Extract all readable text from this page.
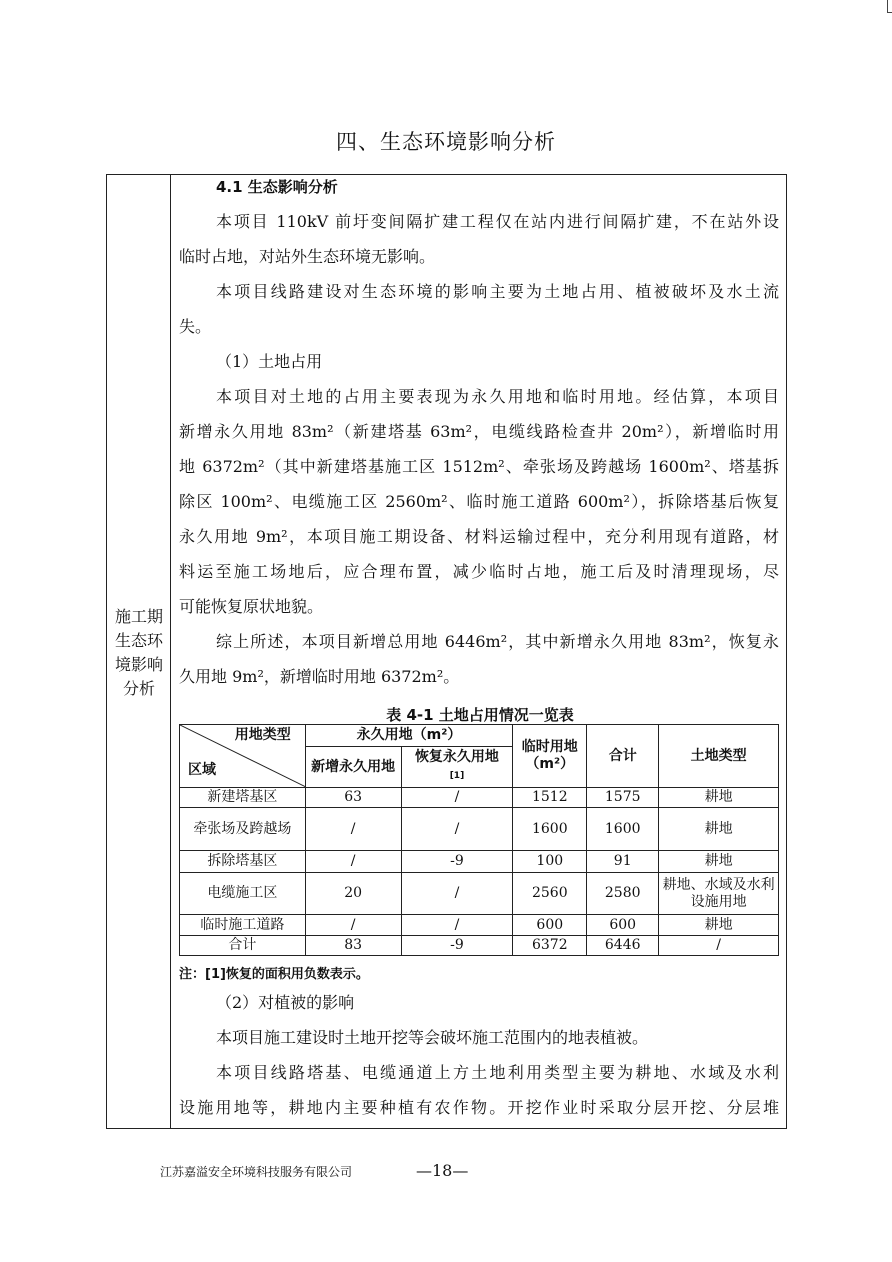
四、生态环境影响分析
施工期
生态环
境影响
分析
4.1 生态影响分析
本项目 110kV 前圩变间隔扩建工程仅在站内进行间隔扩建，不在站外设
临时占地，对站外生态环境无影响。
本项目线路建设对生态环境的影响主要为土地占用、植被破坏及水土流
失。
（1）土地占用
本项目对土地的占用主要表现为永久用地和临时用地。经估算，本项目
新增永久用地 83m²（新建塔基 63m²，电缆线路检查井 20m²），新增临时用
地 6372m²（其中新建塔基施工区 1512m²、牵张场及跨越场 1600m²、塔基拆
除区 100m²、电缆施工区 2560m²、临时施工道路 600m²），拆除塔基后恢复
永久用地 9m²，本项目施工期设备、材料运输过程中，充分利用现有道路，材
料运至施工场地后，应合理布置，减少临时占地，施工后及时清理现场，尽
可能恢复原状地貌。
综上所述，本项目新增总用地 6446m²，其中新增永久用地 83m²，恢复永
久用地 9m²，新增临时用地 6372m²。
表 4-1 土地占用情况一览表
用地类型
区域	永久用地（m²）		临时用地（m²）	合计	土地类型
	新增永久用地	恢复永久用地
[1]			
新建塔基区	63	/	1512	1575	耕地
牵张场及跨越场	/	/	1600	1600	耕地
拆除塔基区	/	-9	100	91	耕地
电缆施工区	20	/	2560	2580	耕地、水域及水利设施用地
临时施工道路	/	/	600	600	耕地
合计	83	-9	6372	6446	/
注：[1]恢复的面积用负数表示。
（2）对植被的影响
本项目施工建设时土地开挖等会破坏施工范围内的地表植被。
本项目线路塔基、电缆通道上方土地利用类型主要为耕地、水域及水利
设施用地等，耕地内主要种植有农作物。开挖作业时采取分层开挖、分层堆
江苏嘉溢安全环境科技服务有限公司	—18—
